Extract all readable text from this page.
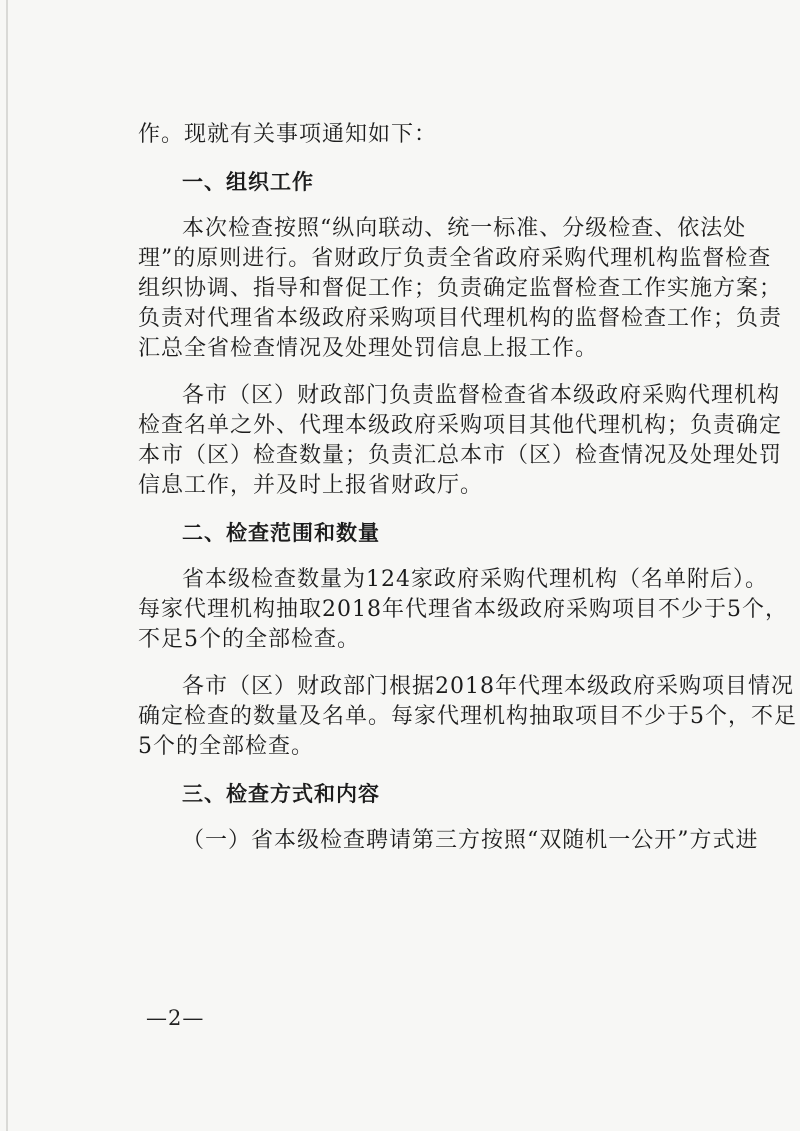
作。现就有关事项通知如下：
一、组织工作
本次检查按照“纵向联动、统一标准、分级检查、依法处
理”的原则进行。省财政厅负责全省政府采购代理机构监督检查
组织协调、指导和督促工作；负责确定监督检查工作实施方案；
负责对代理省本级政府采购项目代理机构的监督检查工作；负责
汇总全省检查情况及处理处罚信息上报工作。
各市（区）财政部门负责监督检查省本级政府采购代理机构
检查名单之外、代理本级政府采购项目其他代理机构；负责确定
本市（区）检查数量；负责汇总本市（区）检查情况及处理处罚
信息工作，并及时上报省财政厅。
二、检查范围和数量
省本级检查数量为124家政府采购代理机构（名单附后）。
每家代理机构抽取2018年代理省本级政府采购项目不少于5个，
不足5个的全部检查。
各市（区）财政部门根据2018年代理本级政府采购项目情况
确定检查的数量及名单。每家代理机构抽取项目不少于5个，不足
5个的全部检查。
三、检查方式和内容
（一）省本级检查聘请第三方按照“双随机一公开”方式进
—2—
